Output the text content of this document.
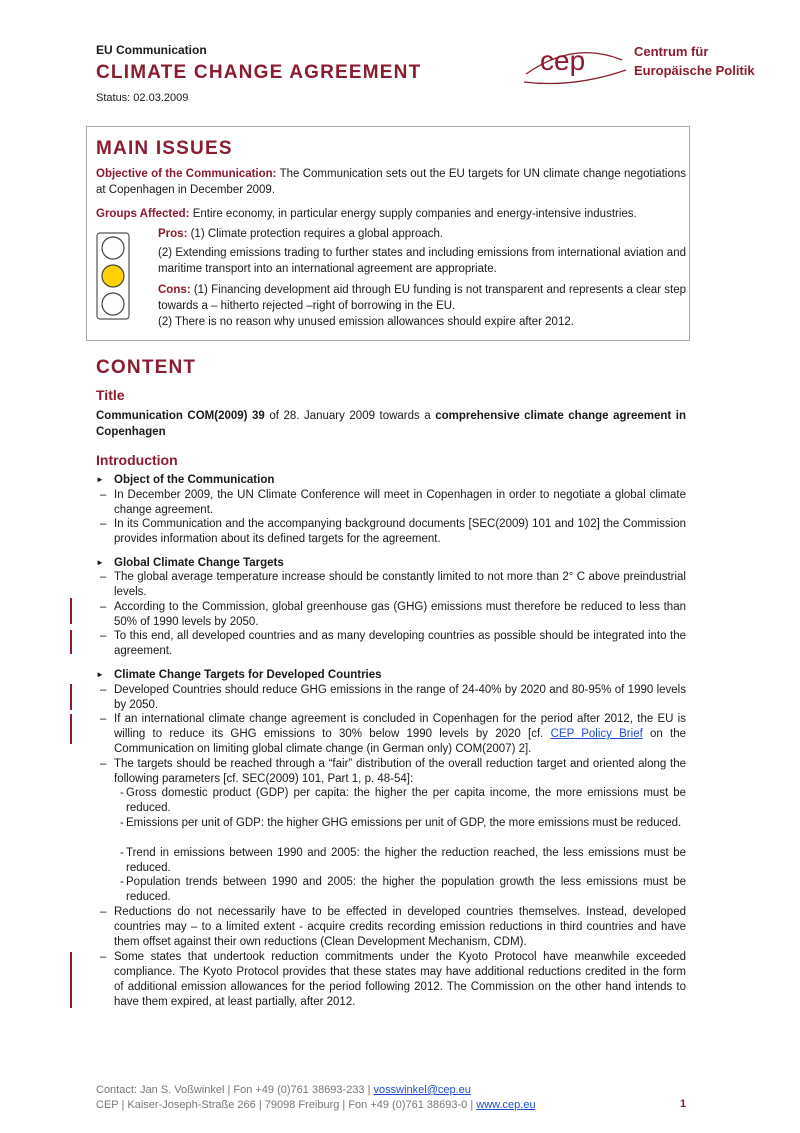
EU Communication
CLIMATE CHANGE AGREEMENT
Status: 02.03.2009
cep	Centrum für
Europäische Politik
MAIN ISSUES
Objective of the Communication: The Communication sets out the EU targets for UN climate change negotiations at Copenhagen in December 2009.
Groups Affected: Entire economy, in particular energy supply companies and energy-intensive industries.
Pros: (1) Climate protection requires a global approach.
(2) Extending emissions trading to further states and including emissions from international aviation and maritime transport into an international agreement are appropriate.
Cons: (1) Financing development aid through EU funding is not transparent and represents a clear step towards a – hitherto rejected –right of borrowing in the EU.
(2) There is no reason why unused emission allowances should expire after 2012.
CONTENT
Title
Communication COM(2009) 39 of 28. January 2009 towards a comprehensive climate change agreement in Copenhagen
Introduction
► Object of the Communication
– In December 2009, the UN Climate Conference will meet in Copenhagen in order to negotiate a global climate change agreement.
– In its Communication and the accompanying background documents [SEC(2009) 101 and 102] the Commission provides information about its defined targets for the agreement.
► Global Climate Change Targets
– The global average temperature increase should be constantly limited to not more than 2° C above preindustrial levels.
– According to the Commission, global greenhouse gas (GHG) emissions must therefore be reduced to less than 50% of 1990 levels by 2050.
– To this end, all developed countries and as many developing countries as possible should be integrated into the agreement.
► Climate Change Targets for Developed Countries
– Developed Countries should reduce GHG emissions in the range of 24-40% by 2020 and 80-95% of 1990 levels by 2050.
– If an international climate change agreement is concluded in Copenhagen for the period after 2012, the EU is willing to reduce its GHG emissions to 30% below 1990 levels by 2020 [cf. CEP Policy Brief on the Communication on limiting global climate change (in German only) COM(2007) 2].
– The targets should be reached through a “fair” distribution of the overall reduction target and oriented along the following parameters [cf. SEC(2009) 101, Part 1, p. 48-54]:
- Gross domestic product (GDP) per capita: the higher the per capita income, the more emissions must be reduced.
- Emissions per unit of GDP: the higher GHG emissions per unit of GDP, the more emissions must be reduced.
- Trend in emissions between 1990 and 2005: the higher the reduction reached, the less emissions must be reduced.
- Population trends between 1990 and 2005: the higher the population growth the less emissions must be reduced.
– Reductions do not necessarily have to be effected in developed countries themselves. Instead, developed countries may – to a limited extent - acquire credits recording emission reductions in third countries and have them offset against their own reductions (Clean Development Mechanism, CDM).
– Some states that undertook reduction commitments under the Kyoto Protocol have meanwhile exceeded compliance. The Kyoto Protocol provides that these states may have additional reductions credited in the form of additional emission allowances for the period following 2012. The Commission on the other hand intends to have them expired, at least partially, after 2012.
Contact: Jan S. Voßwinkel | Fon +49 (0)761 38693-233 | vosswinkel@cep.eu
CEP | Kaiser-Joseph-Straße 266 | 79098 Freiburg | Fon +49 (0)761 38693-0 | www.cep.eu	1
